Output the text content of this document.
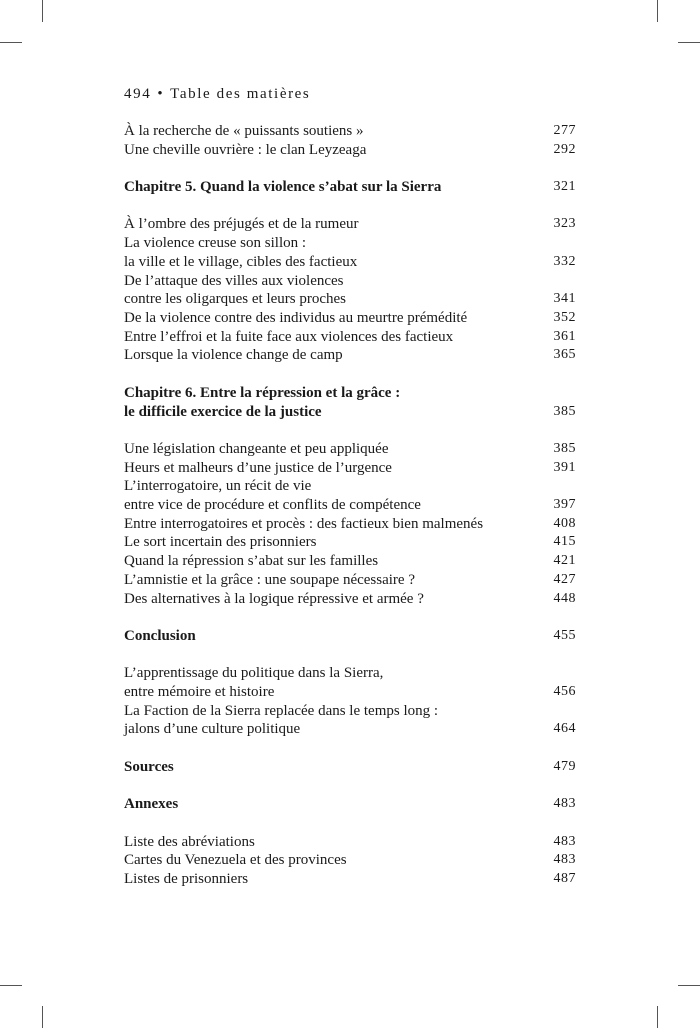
494 • Table des matières
À la recherche de « puissants soutiens »	277
Une cheville ouvrière : le clan Leyzeaga	292
Chapitre 5. Quand la violence s’abat sur la Sierra	321
À l’ombre des préjugés et de la rumeur	323
La violence creuse son sillon :
la ville et le village, cibles des factieux	332
De l’attaque des villes aux violences
contre les oligarques et leurs proches	341
De la violence contre des individus au meurtre prémédité	352
Entre l’effroi et la fuite face aux violences des factieux	361
Lorsque la violence change de camp	365
Chapitre 6. Entre la répression et la grâce :
le difficile exercice de la justice	385
Une législation changeante et peu appliquée	385
Heurs et malheurs d’une justice de l’urgence	391
L’interrogatoire, un récit de vie
entre vice de procédure et conflits de compétence	397
Entre interrogatoires et procès : des factieux bien malmenés	408
Le sort incertain des prisonniers	415
Quand la répression s’abat sur les familles	421
L’amnistie et la grâce : une soupape nécessaire ?	427
Des alternatives à la logique répressive et armée ?	448
Conclusion	455
L’apprentissage du politique dans la Sierra,
entre mémoire et histoire	456
La Faction de la Sierra replacée dans le temps long :
jalons d’une culture politique	464
Sources	479
Annexes	483
Liste des abréviations	483
Cartes du Venezuela et des provinces	483
Listes de prisonniers	487
